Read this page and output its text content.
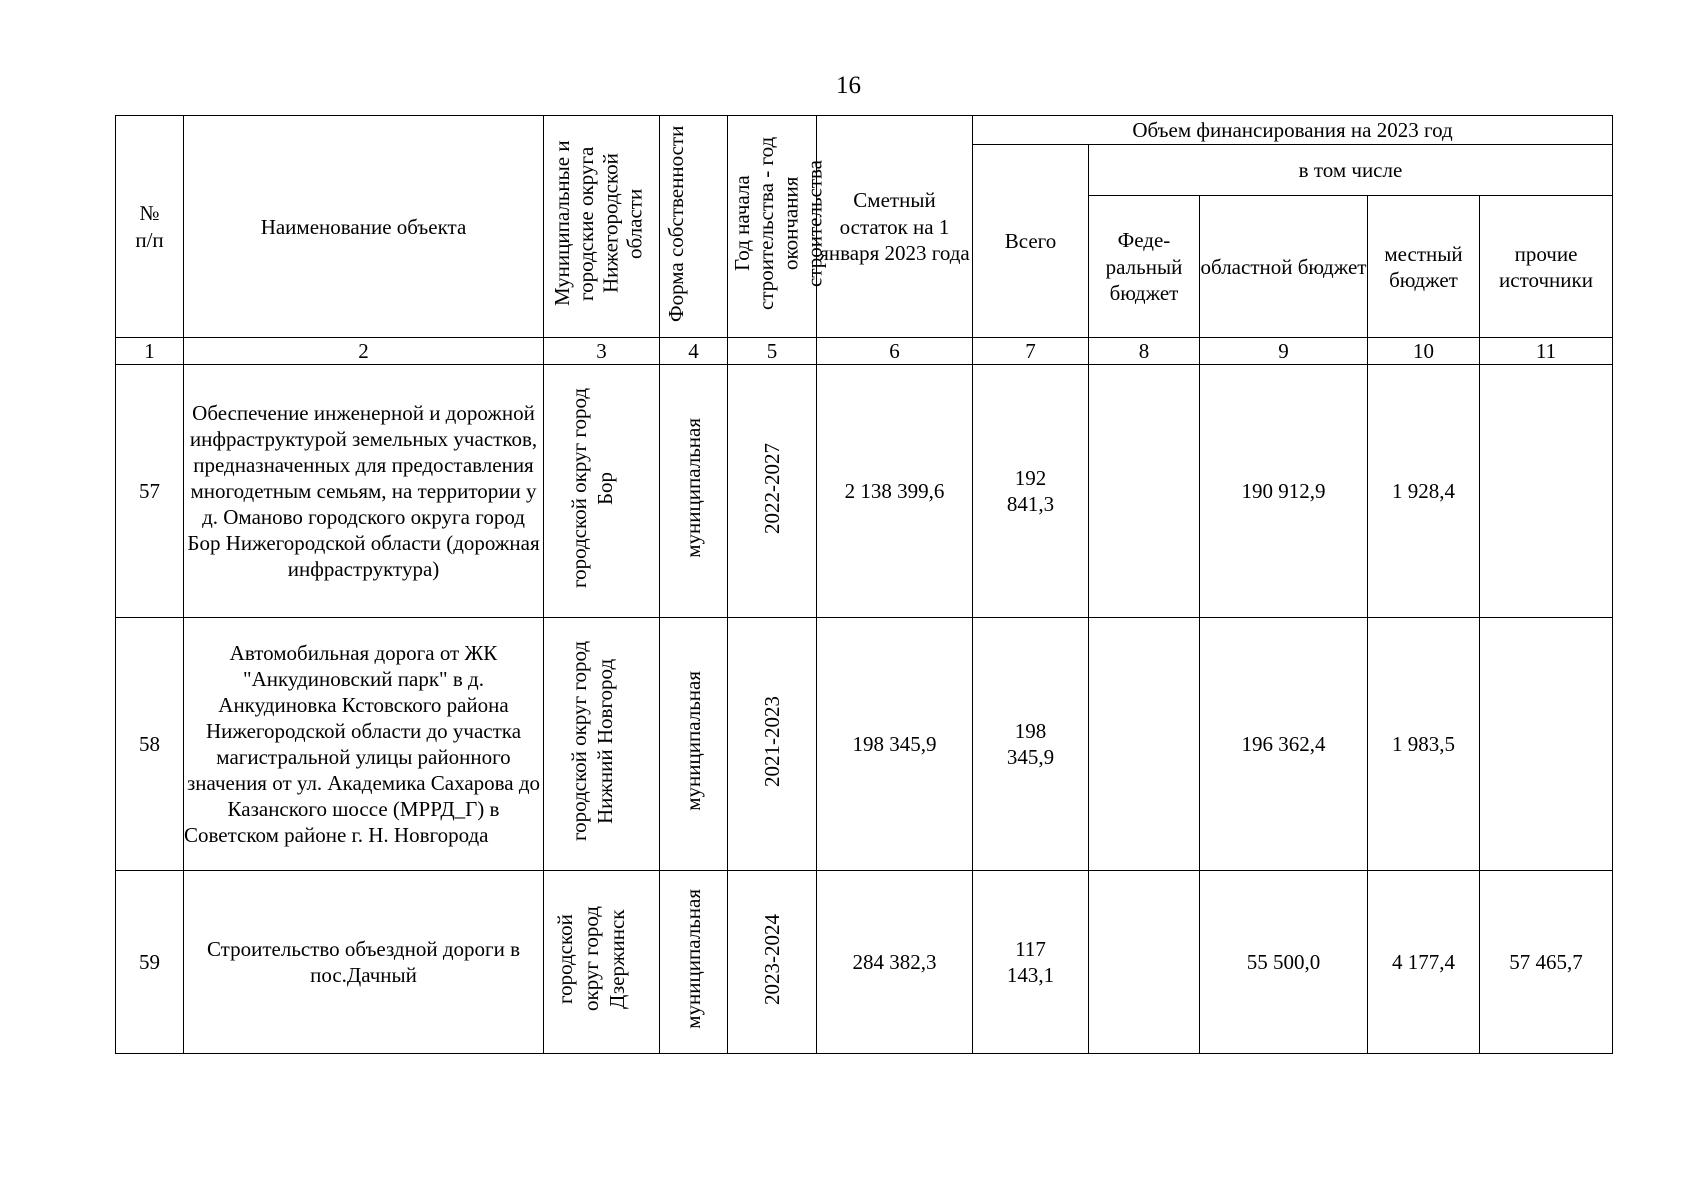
16
№ п/п	Наименование объекта	Муниципальные и городские округа Нижегородской области	Форма собственности	Год начала строительства - год окончания строительства	Сметный остаток на 1 января 2023 года	Объем финансирования на 2023 год				
						Всего	в том числе			
							Феде-ральный бюджет	областной бюджет	местный бюджет	прочие источники
1	2	3	4	5	6	7	8	9	10	11
57	Обеспечение инженерной и дорожной инфраструктурой земельных участков, предназначенных для предоставления многодетным семьям, на территории у д. Оманово городского округа город Бор Нижегородской области (дорожная инфраструктура)	городской округ город Бор	муниципальная	2022-2027	2 138 399,6	192 841,3		190 912,9	1 928,4	
58	Автомобильная дорога от ЖК "Анкудиновский парк" в д. Анкудиновка Кстовского района Нижегородской области до участка магистральной улицы районного значения от ул. Академика Сахарова до Казанского шоссе (МРРД_Г) в Советском районе г. Н. Новгорода	городской округ город Нижний Новгород	муниципальная	2021-2023	198 345,9	198 345,9		196 362,4	1 983,5	
59	Строительство объездной дороги в пос.Дачный	городской округ город Дзержинск	муниципальная	2023-2024	284 382,3	117 143,1		55 500,0	4 177,4	57 465,7
